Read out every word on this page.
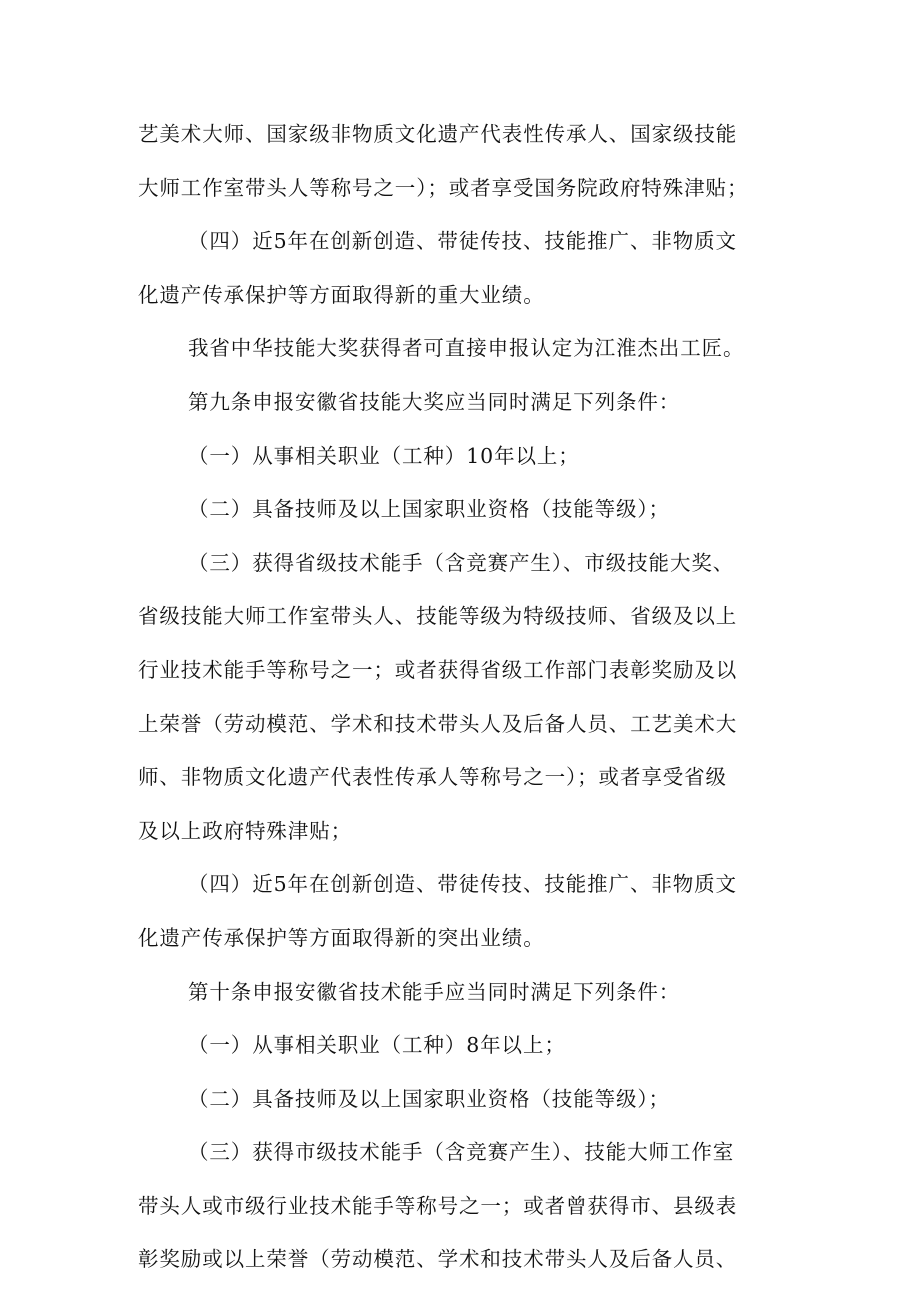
艺美术大师、国家级非物质文化遗产代表性传承人、国家级技能
大师工作室带头人等称号之一）；或者享受国务院政府特殊津贴；
（四）近5年在创新创造、带徒传技、技能推广、非物质文
化遗产传承保护等方面取得新的重大业绩。
我省中华技能大奖获得者可直接申报认定为江淮杰出工匠。
第九条申报安徽省技能大奖应当同时满足下列条件：
（一）从事相关职业（工种）10年以上；
（二）具备技师及以上国家职业资格（技能等级）；
（三）获得省级技术能手（含竞赛产生）、市级技能大奖、
省级技能大师工作室带头人、技能等级为特级技师、省级及以上
行业技术能手等称号之一；或者获得省级工作部门表彰奖励及以
上荣誉（劳动模范、学术和技术带头人及后备人员、工艺美术大
师、非物质文化遗产代表性传承人等称号之一）；或者享受省级
及以上政府特殊津贴；
（四）近5年在创新创造、带徒传技、技能推广、非物质文
化遗产传承保护等方面取得新的突出业绩。
第十条申报安徽省技术能手应当同时满足下列条件：
（一）从事相关职业（工种）8年以上；
（二）具备技师及以上国家职业资格（技能等级）；
（三）获得市级技术能手（含竞赛产生）、技能大师工作室
带头人或市级行业技术能手等称号之一；或者曾获得市、县级表
彰奖励或以上荣誉（劳动模范、学术和技术带头人及后备人员、
